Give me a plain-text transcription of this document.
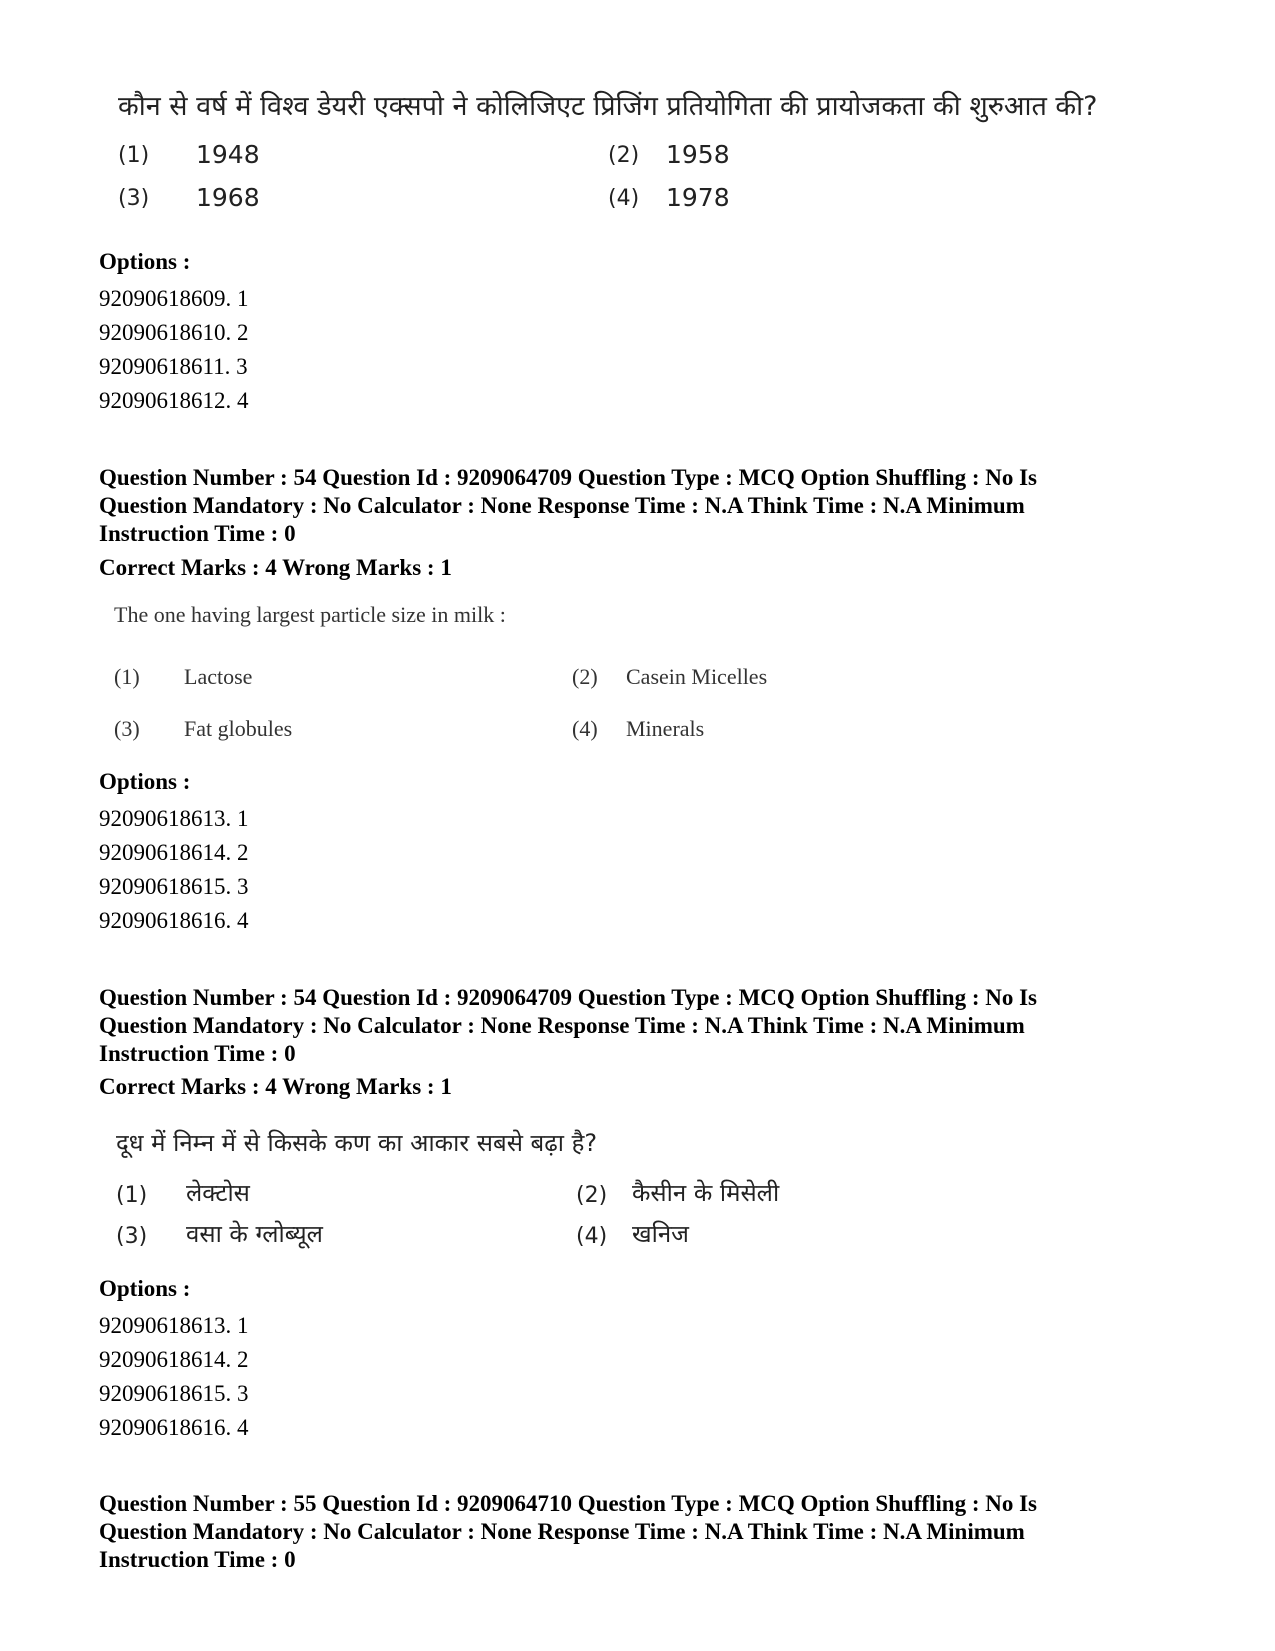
कौन से वर्ष में विश्व डेयरी एक्सपो ने कोलिजिएट प्रिजिंग प्रतियोगिता की प्रायोजकता की शुरुआत की?
(1) 1948	(2) 1958
(3) 1968	(4) 1978
Options :
92090618609. 1
92090618610. 2
92090618611. 3
92090618612. 4
Question Number : 54 Question Id : 9209064709 Question Type : MCQ Option Shuffling : No Is
Question Mandatory : No Calculator : None Response Time : N.A Think Time : N.A Minimum
Instruction Time : 0
Correct Marks : 4 Wrong Marks : 1
The one having largest particle size in milk :
(1) Lactose	(2) Casein Micelles
(3) Fat globules	(4) Minerals
Options :
92090618613. 1
92090618614. 2
92090618615. 3
92090618616. 4
Question Number : 54 Question Id : 9209064709 Question Type : MCQ Option Shuffling : No Is
Question Mandatory : No Calculator : None Response Time : N.A Think Time : N.A Minimum
Instruction Time : 0
Correct Marks : 4 Wrong Marks : 1
दूध में निम्न में से किसके कण का आकार सबसे बढ़ा है?
(1) लेक्टोस	(2) कैसीन के मिसेली
(3) वसा के ग्लोब्यूल	(4) खनिज
Options :
92090618613. 1
92090618614. 2
92090618615. 3
92090618616. 4
Question Number : 55 Question Id : 9209064710 Question Type : MCQ Option Shuffling : No Is
Question Mandatory : No Calculator : None Response Time : N.A Think Time : N.A Minimum
Instruction Time : 0
